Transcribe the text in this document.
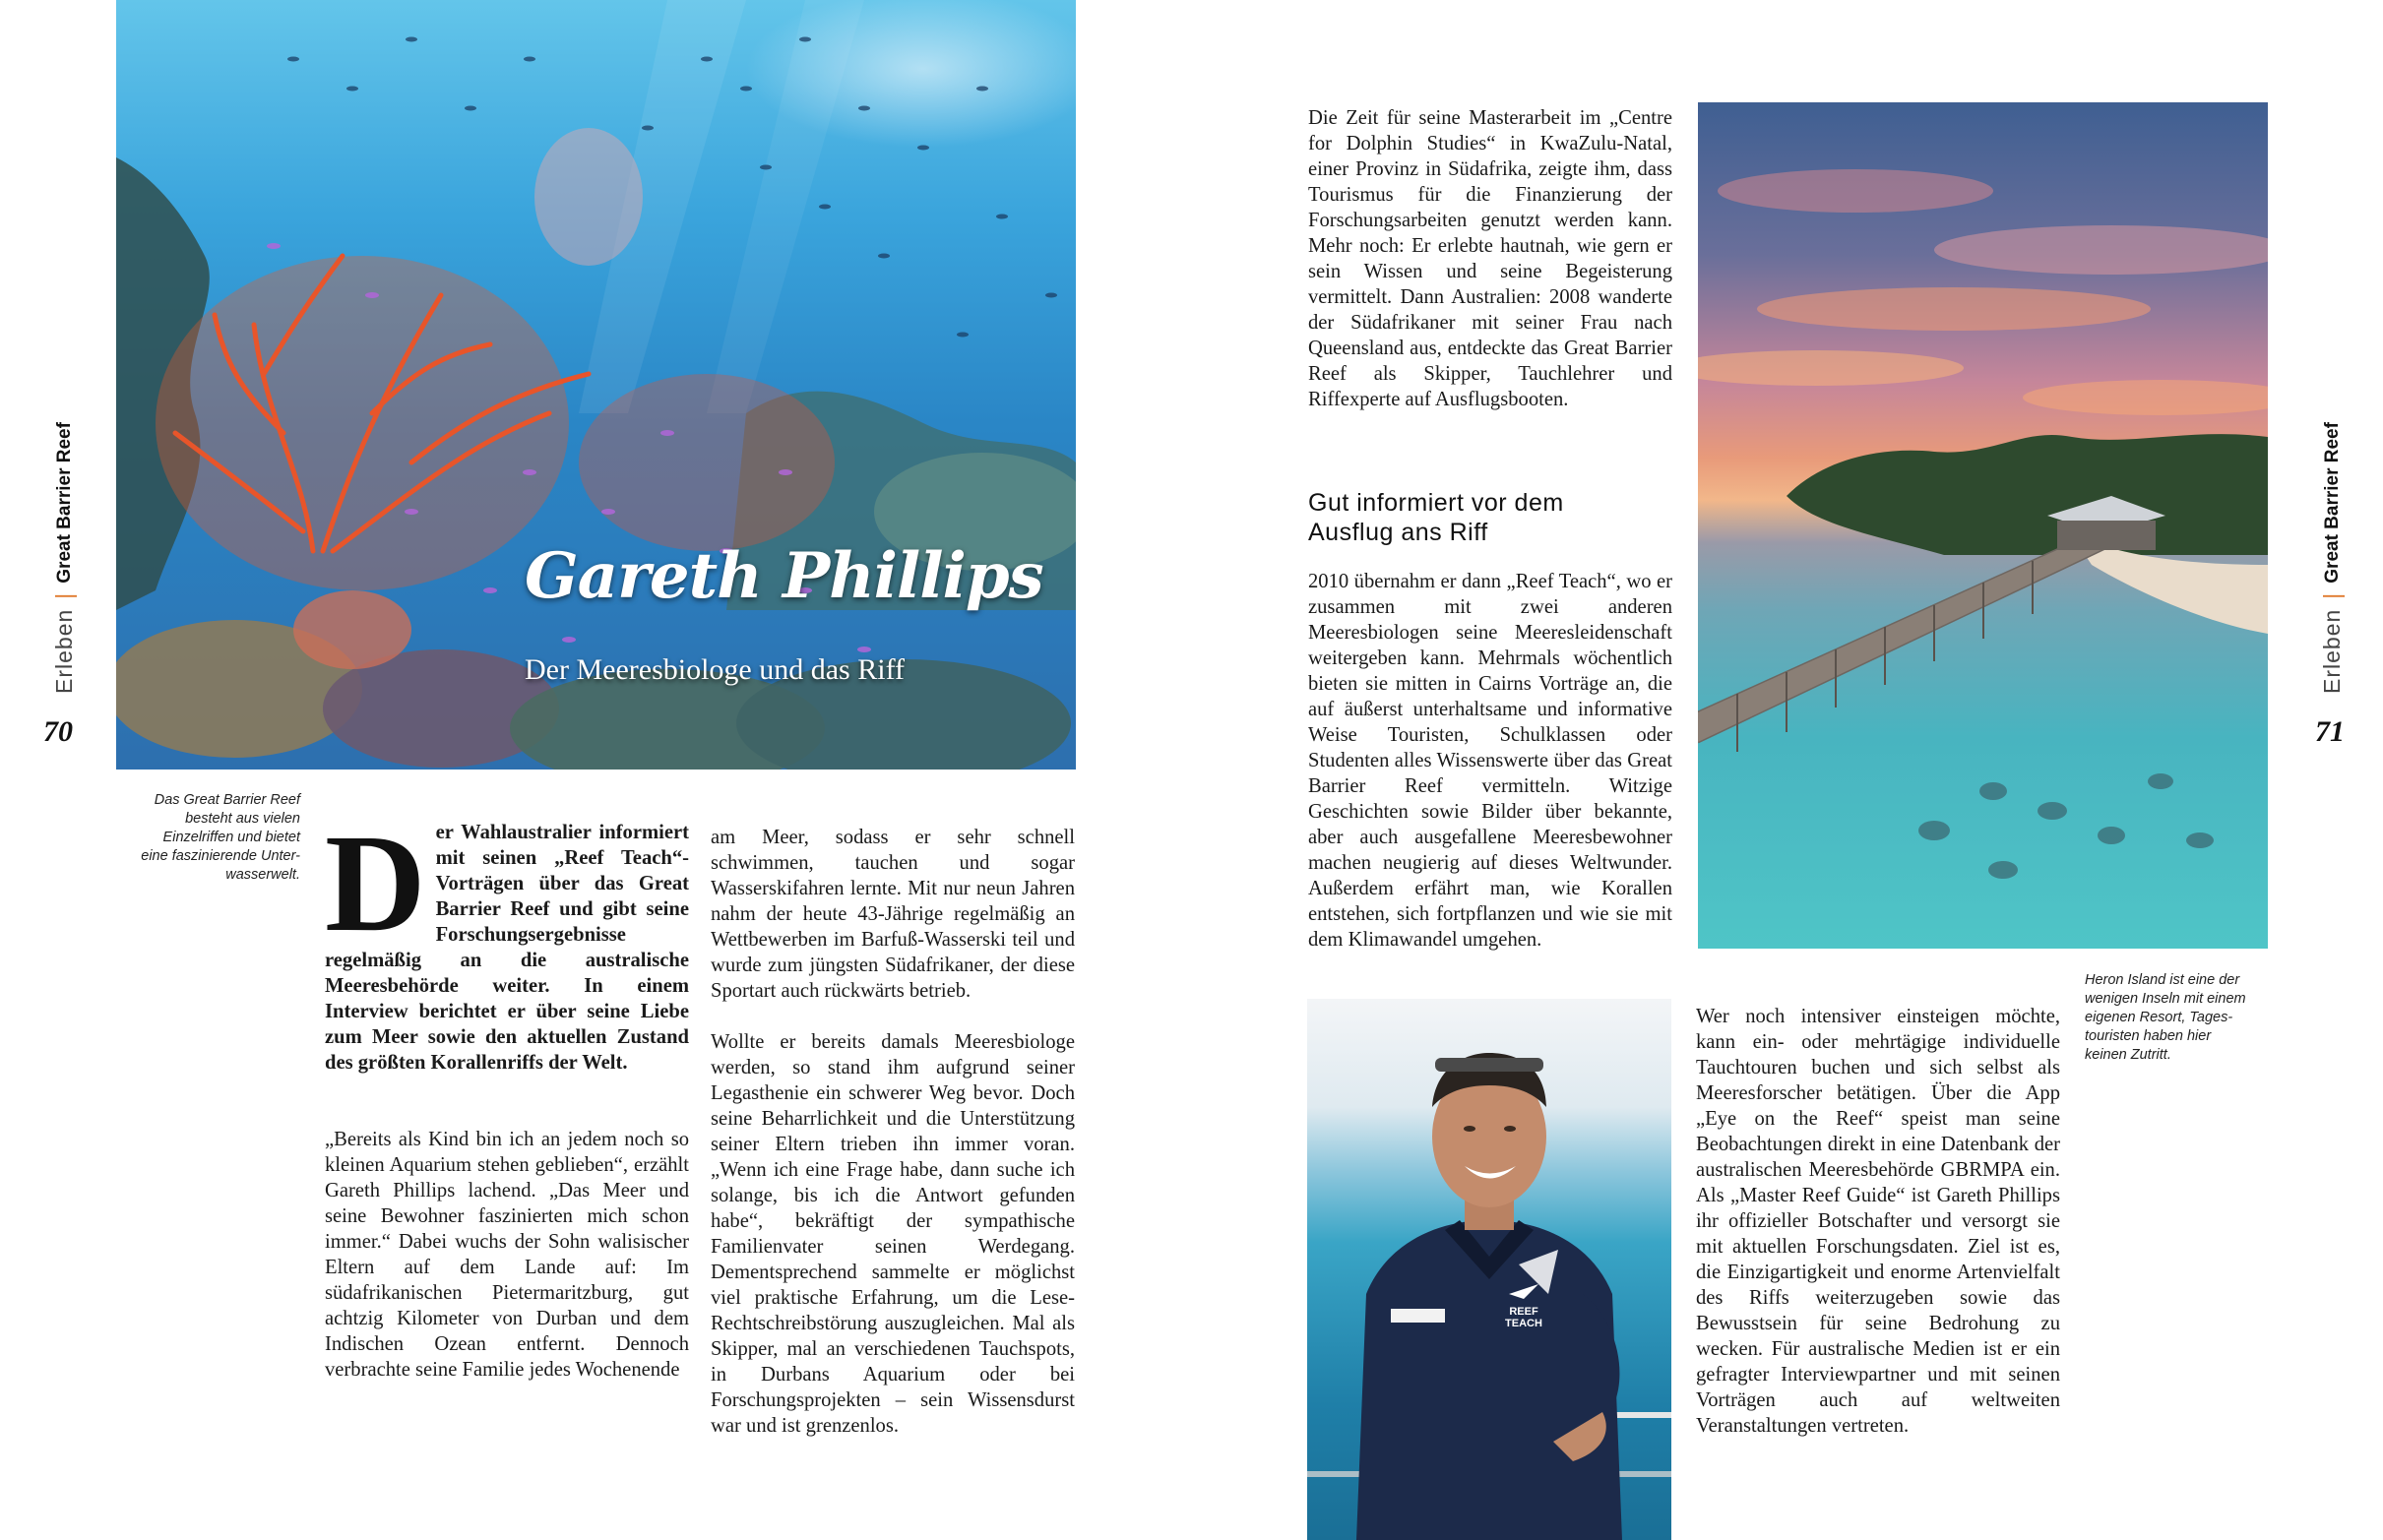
Erleben
|
Great Barrier Reef
70
Gareth Phillips
Der Meeresbiologe und das Riff
Das Great Barrier Reef
besteht aus vielen
Einzelriffen und bietet
eine faszinierende Unter-
wasserwelt. D er Wahlaustralier informiert mit seinen „Reef Teach“-Vorträgen über das Great Barrier Reef und gibt seine Forschungsergebnisse regelmäßig an die australische Meeresbehörde weiter. In einem Interview berichtet er über seine Liebe zum Meer sowie den aktuellen Zustand des größten Korallenriffs der Welt.

„Bereits als Kind bin ich an jedem noch so kleinen Aquarium stehen geblieben“, erzählt Gareth Phillips lachend. „Das Meer und seine Bewohner faszinierten mich schon immer.“ Dabei wuchs der Sohn walisischer Eltern auf dem Lande auf: Im südafrikanischen Pietermaritzburg, gut achtzig Kilometer von Durban und dem Indischen Ozean entfernt. Dennoch verbrachte seine Familie jedes Wochenende

am Meer, sodass er sehr schnell schwimmen, tauchen und sogar Wasserskifahren lernte. Mit nur neun Jahren nahm der heute 43-Jährige regelmäßig an Wettbewerben im Barfuß-Wasserski teil und wurde zum jüngsten Südafrikaner, der diese Sportart auch rückwärts betrieb.

Wollte er bereits damals Meeresbiologe werden, so stand ihm aufgrund seiner Legasthenie ein schwerer Weg bevor. Doch seine Beharrlichkeit und die Unterstützung seiner Eltern trieben ihn immer voran. „Wenn ich eine Frage habe, dann suche ich solange, bis ich die Antwort gefunden habe“, bekräftigt der sympathische Familienvater seinen Werdegang. Dementsprechend sammelte er möglichst viel praktische Erfahrung, um die Lese-Rechtschreibstörung auszugleichen. Mal als Skipper, mal an verschiedenen Tauchspots, in Durbans Aquarium oder bei Forschungsprojekten – sein Wissensdurst war und ist grenzenlos.

Die Zeit für seine Masterarbeit im „Centre for Dolphin Studies“ in KwaZulu-Natal, einer Provinz in Südafrika, zeigte ihm, dass Tourismus für die Finanzierung der Forschungsarbeiten genutzt werden kann. Mehr noch: Er erlebte hautnah, wie gern er sein Wissen und seine Begeisterung vermittelt. Dann Australien: 2008 wanderte der Südafrikaner mit seiner Frau nach Queensland aus, entdeckte das Great Barrier Reef als Skipper, Tauchlehrer und Riffexperte auf Ausflugsbooten.

Gut informiert vor dem Ausflug ans Riff

2010 übernahm er dann „Reef Teach“, wo er zusammen mit zwei anderen Meeresbiologen seine Meeresleidenschaft weitergeben kann. Mehrmals wöchentlich bieten sie mitten in Cairns Vorträge an, die auf äußerst unterhaltsame und informative Weise Touristen, Schulklassen oder Studenten alles Wissenswerte über das Great Barrier Reef vermitteln. Witzige Geschichten sowie Bilder über bekannte, aber auch ausgefallene Meeresbewohner machen neugierig auf dieses Weltwunder. Außerdem erfährt man, wie Korallen entstehen, sich fortpflanzen und wie sie mit dem Klimawandel umgehen.

Heron Island ist eine der
wenigen Inseln mit einem
eigenen Resort, Tages-
touristen haben hier
keinen Zutritt.
REEF TEACH

Wer noch intensiver einsteigen möchte, kann ein- oder mehrtägige individuelle Tauchtouren buchen und sich selbst als Meeresforscher betätigen. Über die App „Eye on the Reef“ speist man seine Beobachtungen direkt in eine Datenbank der australischen Meeresbehörde GBRMPA ein. Als „Master Reef Guide“ ist Gareth Phillips ihr offizieller Botschafter und versorgt sie mit aktuellen Forschungsdaten. Ziel ist es, die Einzigartigkeit und enorme Artenvielfalt des Riffs weiterzugeben sowie das Bewusstsein für seine Bedrohung zu wecken. Für australische Medien ist er ein gefragter Interviewpartner und mit seinen Vorträgen auch auf weltweiten Veranstaltungen vertreten.

Erleben
|
Great Barrier Reef
71
